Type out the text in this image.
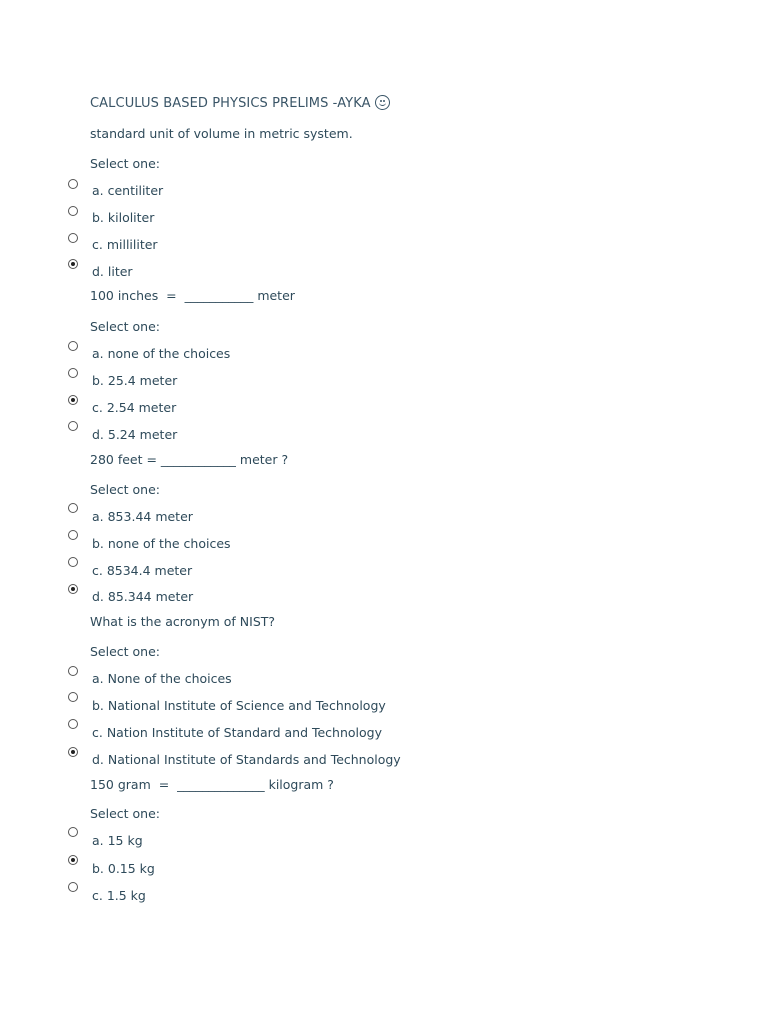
CALCULUS BASED PHYSICS PRELIMS -AYKA
standard unit of volume in metric system.
Select one:
a. centiliter
b. kiloliter
c. milliliter
d. liter
100 inches  =  ___________ meter
Select one:
a. none of the choices
b. 25.4 meter
c. 2.54 meter
d. 5.24 meter
280 feet = ____________ meter ?
Select one:
a. 853.44 meter
b. none of the choices
c. 8534.4 meter
d. 85.344 meter
What is the acronym of NIST?
Select one:
a. None of the choices
b. National Institute of Science and Technology
c. Nation Institute of Standard and Technology
d. National Institute of Standards and Technology
150 gram  =  ______________ kilogram ?
Select one:
a. 15 kg
b. 0.15 kg
c. 1.5 kg
